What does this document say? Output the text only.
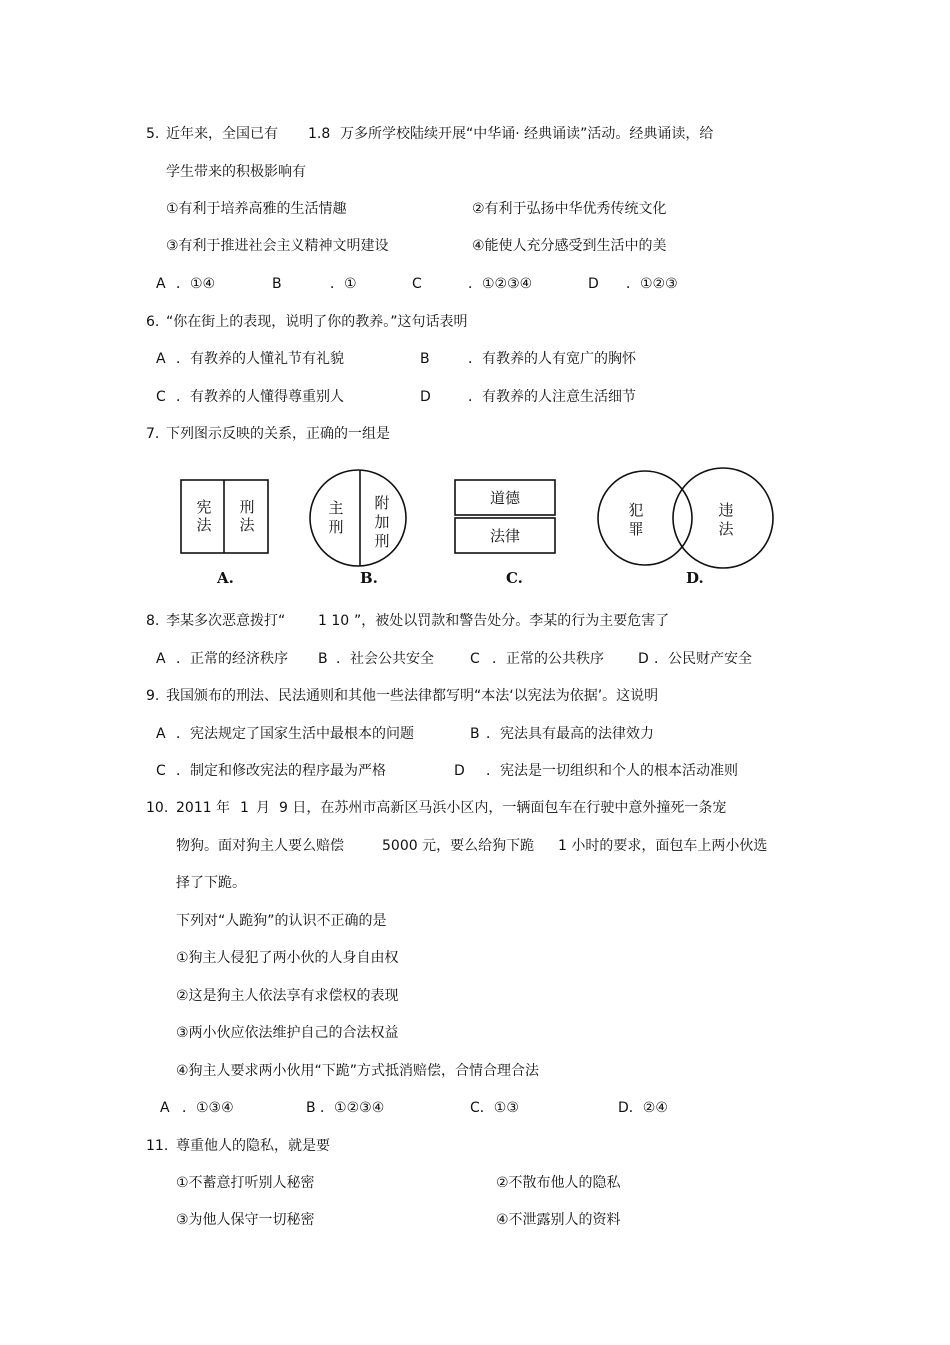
5. 近年来，全国已有 1.8 万多所学校陆续开展“中华诵· 经典诵读”活动。经典诵读，给
学生带来的积极影响有
①有利于培养高雅的生活情趣	②有利于弘扬中华优秀传统文化
③有利于推进社会主义精神文明建设	④能使人充分感受到生活中的美
A ．①④	B	．①	C	．①②③④	D ．①②③
6. “你在街上的表现，说明了你的教养。”这句话表明
A ．有教养的人懂礼节有礼貌	B	．有教养的人有宽广的胸怀
C ．有教养的人懂得尊重别人	D	．有教养的人注意生活细节
7. 下列图示反映的关系，正确的一组是
宪
法
刑
法
主
刑
附
加
刑
道德
法律
犯
罪
违
法
A.	B.	C.	D.
8. 李某多次恶意拨打“ 1 10 ”，被处以罚款和警告处分。李某的行为主要危害了
A ．正常的经济秩序 B ．社会公共安全	C ．正常的公共秩序 D ．公民财产安全
9. 我国颁布的刑法、民法通则和其他一些法律都写明“本法‘以宪法为依据’。这说明
A ．宪法规定了国家生活中最根本的问题	B ．宪法具有最高的法律效力
C ．制定和修改宪法的程序最为严格	D ．宪法是一切组织和个人的根本活动准则
10. 2011 年 1 月 9 日，在苏州市高新区马浜小区内，一辆面包车在行驶中意外撞死一条宠
物狗。面对狗主人要么赔偿	5000 元，要么给狗下跪 1 小时的要求，面包车上两小伙选
择了下跪。
下列对“人跪狗”的认识不正确的是
①狗主人侵犯了两小伙的人身自由权
②这是狗主人依法享有求偿权的表现
③两小伙应依法维护自己的合法权益
④狗主人要求两小伙用“下跪”方式抵消赔偿，合情合理合法
A ．①③④	B ．①②③④	C．①③	D．②④
11. 尊重他人的隐私，就是要
①不蓄意打听别人秘密	②不散布他人的隐私
③为他人保守一切秘密	④不泄露别人的资料
